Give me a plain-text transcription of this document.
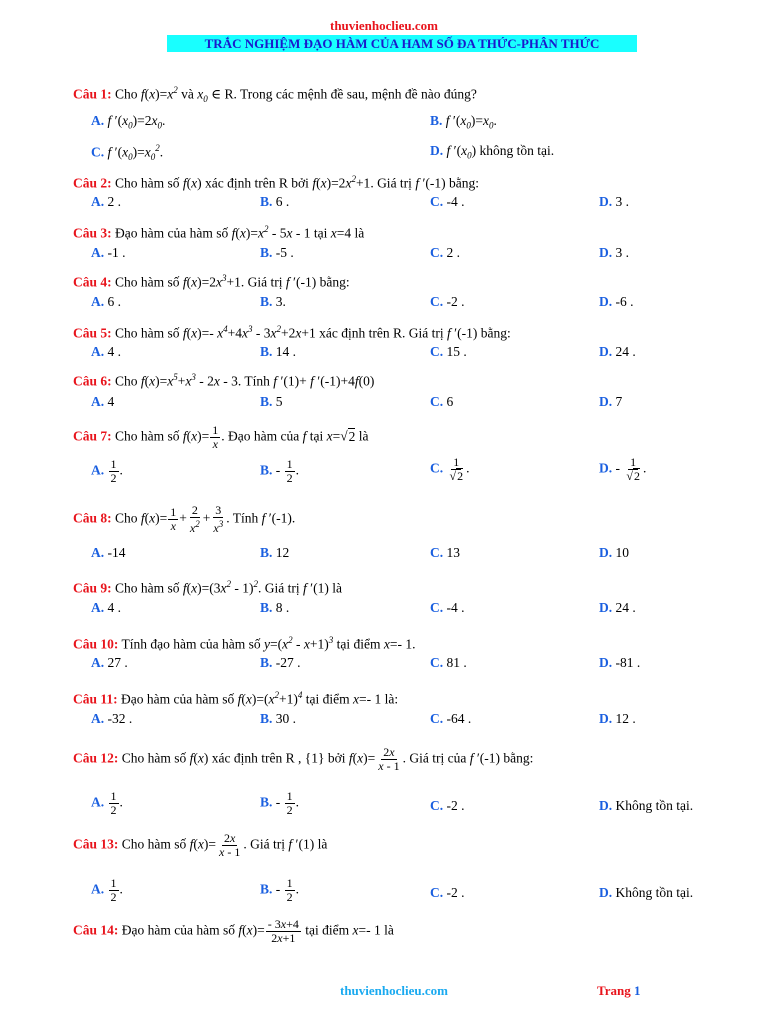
thuvienhoclieu.com
TRẮC NGHIỆM ĐẠO HÀM CỦA HAM SỐ ĐA THỨC-PHÂN THỨC
Câu 1: Cho $f(x)=x^2$ và $x_0$ ∈ R. Trong các mệnh đề sau, mệnh đề nào đúng?
A. f $'(x_0)=2x_0$.	B. f $'(x_0)=x_0$.
C. f $'(x_0)=x_0^2$.	D. f $'(x_0)$ không tồn tại.
Câu 2: Cho hàm số f(x) xác định trên R bởi $f(x)=2x^2+1$. Giá trị f ′(-1) bằng:
A. 2 .	B. 6 .	C. -4 .	D. 3 .
Câu 3: Đạo hàm của hàm số $f(x)=x^2 - 5x - 1$ tại x=4 là
A. -1 .	B. -5 .	C. 2 .	D. 3 .
Câu 4: Cho hàm số $f(x)=2x^3+1$. Giá trị f ′(-1) bằng:
A. 6 .	B. 3.	C. -2 .	D. -6 .
Câu 5: Cho hàm số f(x)=- $x^4+4x^3 - 3x^2+2x+1$ xác định trên R. Giá trị f ′(-1) bằng:
A. 4 .	B. 14 .	C. 15 .	D. 24 .
Câu 6: Cho $f(x)=x^5+x^3 - 2x - 3$. Tính f ′(1)+ f ′(-1)+4f(0)
A. 4	B. 5	C. 6	D. 7
Câu 7: Cho hàm số $f(x)= \frac{1}{x}$ . Đạo hàm của f tại x=√2 là
A. $\frac{1}{2}$ .	B. - $\frac{1}{2}$ .	C. $\frac{1}{√2}$ .	D. - $\frac{1}{√2}$ .
Câu 8: Cho $f(x)= \frac{1}{x} + \frac{2}{x^2} + \frac{3}{x^3}$ . Tính f ′(-1).
A. -14	B. 12	C. 13	D. 10
Câu 9: Cho hàm số $f(x)=(3x^2 - 1)^2$. Giá trị f ′(1) là
A. 4 .	B. 8 .	C. -4 .	D. 24 .
Câu 10: Tính đạo hàm của hàm số $y=(x^2 - x+1)^3$ tại điểm x=- 1.
A. 27 .	B. -27 .	C. 81 .	D. -81 .
Câu 11: Đạo hàm của hàm số $f(x)=(x^2+1)^4$ tại điểm x=- 1 là:
A. -32 .	B. 30 .	C. -64 .	D. 12 .
Câu 12: Cho hàm số f(x) xác định trên R , {1} bởi $f(x)= \frac{2x}{x - 1}$ . Giá trị của f ′(-1) bằng:
A. $\frac{1}{2}$ .	B. - $\frac{1}{2}$ .	C. -2 .	D. Không tồn tại.
Câu 13: Cho hàm số $f(x)= \frac{2x}{x - 1}$ . Giá trị f ′(1) là
A. $\frac{1}{2}$ .	B. - $\frac{1}{2}$ .	C. -2 .	D. Không tồn tại.
Câu 14: Đạo hàm của hàm số $f(x)= \frac{- 3x+4}{2x+1}$ tại điểm x=- 1 là
thuvienhoclieu.com	Trang 1
